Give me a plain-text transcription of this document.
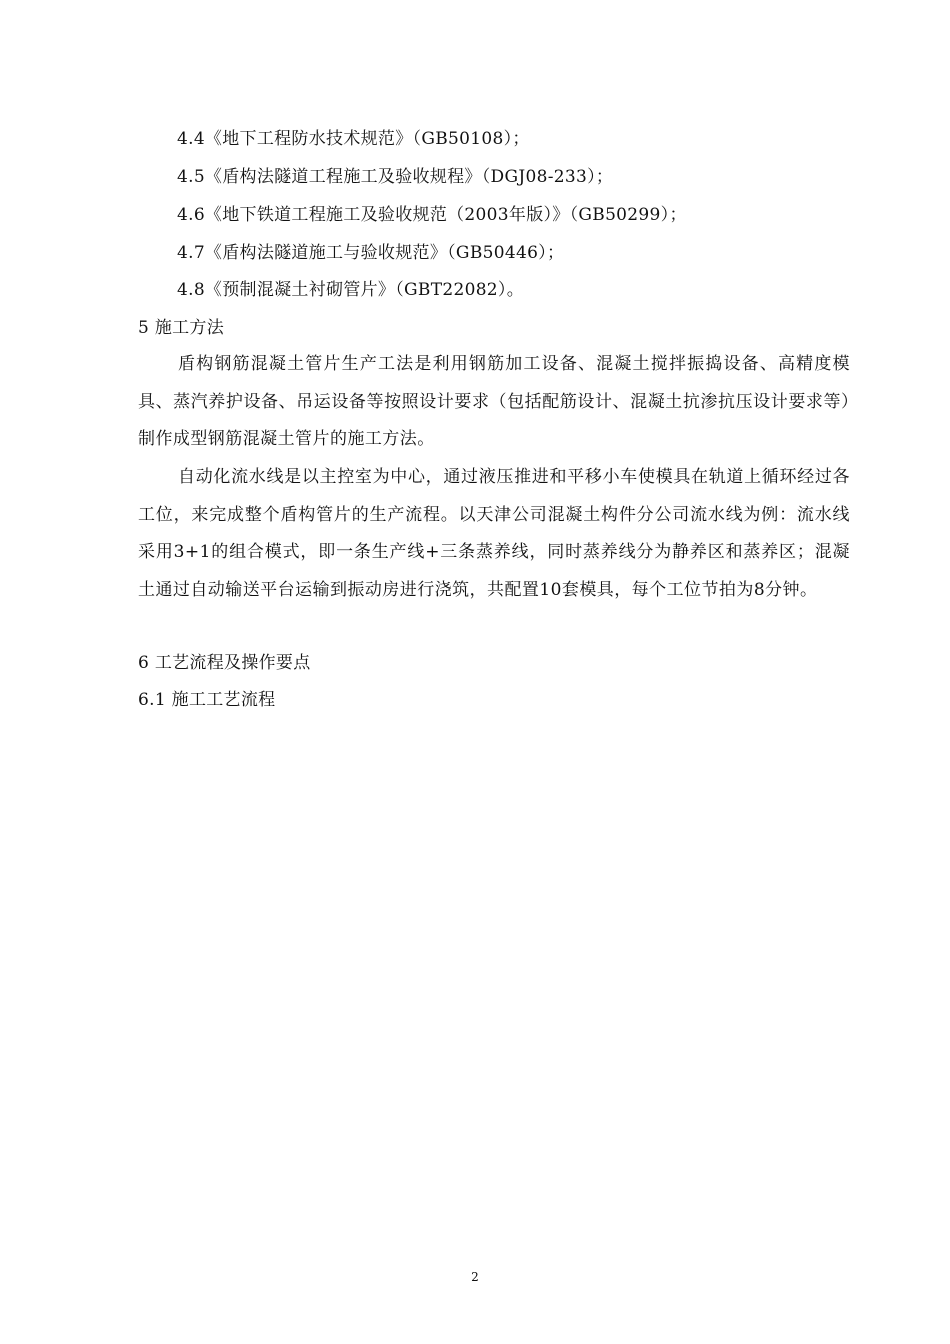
4.4《地下工程防水技术规范》（GB50108）；
4.5《盾构法隧道工程施工及验收规程》（DGJ08-233）；
4.6《地下铁道工程施工及验收规范（2003年版）》（GB50299）；
4.7《盾构法隧道施工与验收规范》（GB50446）；
4.8《预制混凝土衬砌管片》（GBT22082）。
5 施工方法
盾构钢筋混凝土管片生产工法是利用钢筋加工设备、混凝土搅拌振捣设备、高精度模具、蒸汽养护设备、吊运设备等按照设计要求（包括配筋设计、混凝土抗渗抗压设计要求等）制作成型钢筋混凝土管片的施工方法。
自动化流水线是以主控室为中心，通过液压推进和平移小车使模具在轨道上循环经过各工位，来完成整个盾构管片的生产流程。以天津公司混凝土构件分公司流水线为例：流水线采用3+1的组合模式，即一条生产线+三条蒸养线，同时蒸养线分为静养区和蒸养区；混凝土通过自动输送平台运输到振动房进行浇筑，共配置10套模具，每个工位节拍为8分钟。
6 工艺流程及操作要点
6.1 施工工艺流程
2
